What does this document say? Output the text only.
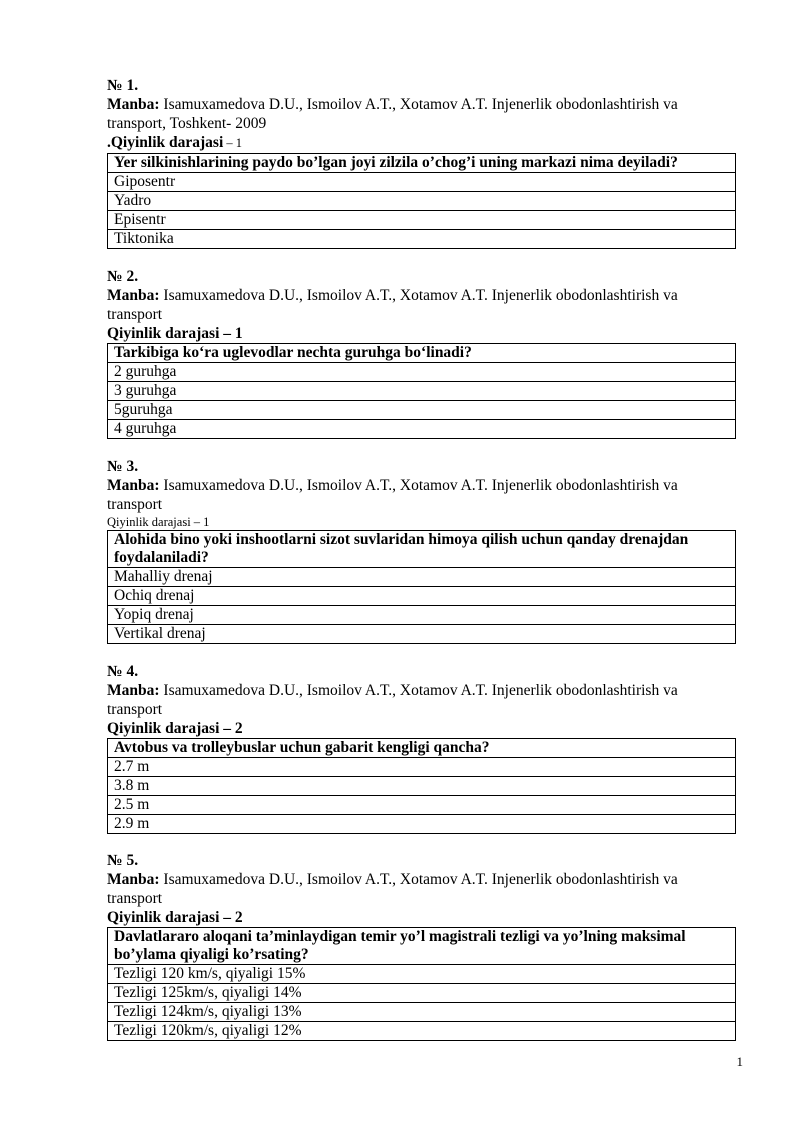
№ 1.
Manba: Isamuxamedova D.U., Ismoilov A.T., Xotamov A.T. Injenerlik obodonlashtirish va transport, Toshkent- 2009
.Qiyinlik darajasi – 1
Yer silkinishlarining paydo bo’lgan joyi zilzila o’chog’i uning markazi nima deyiladi?
Giposentr
Yadro
Episentr
Tiktonika
№ 2.
Manba: Isamuxamedova D.U., Ismoilov A.T., Xotamov A.T. Injenerlik obodonlashtirish va transport
Qiyinlik darajasi – 1
Tarkibiga koʻra uglevodlar nechta guruhga boʻlinadi?
2 guruhga
3 guruhga
5guruhga
4 guruhga
№ 3.
Manba: Isamuxamedova D.U., Ismoilov A.T., Xotamov A.T. Injenerlik obodonlashtirish va transport
Qiyinlik darajasi – 1
Alohida bino yoki inshootlarni sizot suvlaridan himoya qilish uchun qanday drenajdan foydalaniladi?
Mahalliy drenaj
Ochiq drenaj
Yopiq drenaj
Vertikal drenaj
№ 4.
Manba: Isamuxamedova D.U., Ismoilov A.T., Xotamov A.T. Injenerlik obodonlashtirish va transport
Qiyinlik darajasi – 2
Avtobus va trolleybuslar uchun gabarit kengligi qancha?
2.7 m
3.8 m
2.5 m
2.9 m
№ 5.
Manba: Isamuxamedova D.U., Ismoilov A.T., Xotamov A.T. Injenerlik obodonlashtirish va transport
Qiyinlik darajasi – 2
Davlatlararo aloqani ta’minlaydigan temir yo’l magistrali tezligi va yo’lning maksimal bo’ylama qiyaligi ko’rsating?
Tezligi 120 km/s, qiyaligi 15%
Tezligi 125km/s, qiyaligi 14%
Tezligi 124km/s, qiyaligi 13%
Tezligi 120km/s, qiyaligi 12%
1
